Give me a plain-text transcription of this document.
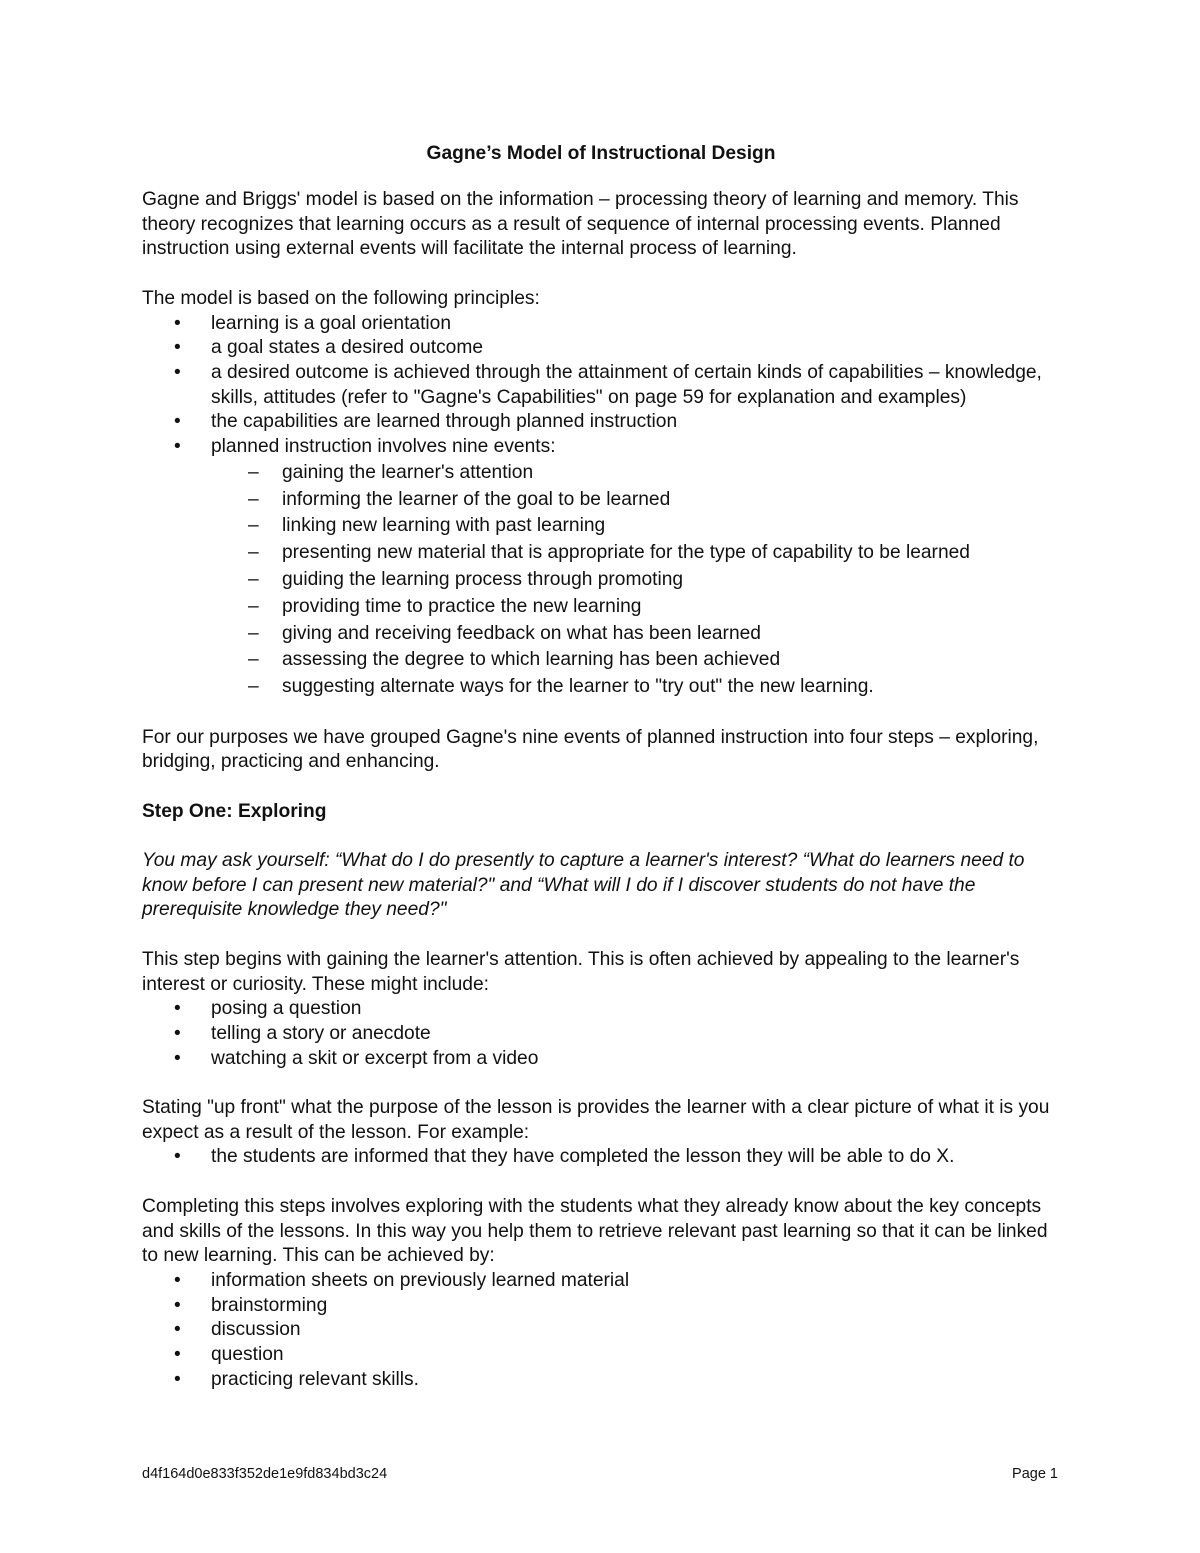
Gagne’s Model of Instructional Design

Gagne and Briggs' model is based on the information – processing theory of learning and memory. This theory recognizes that learning occurs as a result of sequence of internal processing events. Planned instruction using external events will facilitate the internal process of learning.

The model is based on the following principles:

• learning is a goal orientation
• a goal states a desired outcome
• a desired outcome is achieved through the attainment of certain kinds of capabilities – knowledge, skills, attitudes (refer to "Gagne's Capabilities" on page 59 for explanation and examples)
• the capabilities are learned through planned instruction
• planned instruction involves nine events:
– gaining the learner's attention
– informing the learner of the goal to be learned
– linking new learning with past learning
– presenting new material that is appropriate for the type of capability to be learned
– guiding the learning process through promoting
– providing time to practice the new learning
– giving and receiving feedback on what has been learned
– assessing the degree to which learning has been achieved
– suggesting alternate ways for the learner to "try out" the new learning.

For our purposes we have grouped Gagne's nine events of planned instruction into four steps – exploring, bridging, practicing and enhancing.

Step One: Exploring

You may ask yourself: “What do I do presently to capture a learner's interest? “What do learners need to know before I can present new material?" and “What will I do if I discover students do not have the prerequisite knowledge they need?"

This step begins with gaining the learner's attention. This is often achieved by appealing to the learner's interest or curiosity. These might include:

• posing a question
• telling a story or anecdote
• watching a skit or excerpt from a video

Stating "up front" what the purpose of the lesson is provides the learner with a clear picture of what it is you expect as a result of the lesson. For example:

• the students are informed that they have completed the lesson they will be able to do X.

Completing this steps involves exploring with the students what they already know about the key concepts and skills of the lessons. In this way you help them to retrieve relevant past learning so that it can be linked to new learning. This can be achieved by:

• information sheets on previously learned material
• brainstorming
• discussion
• question
• practicing relevant skills.
d4f164d0e833f352de1e9fd834bd3c24	Page 1
